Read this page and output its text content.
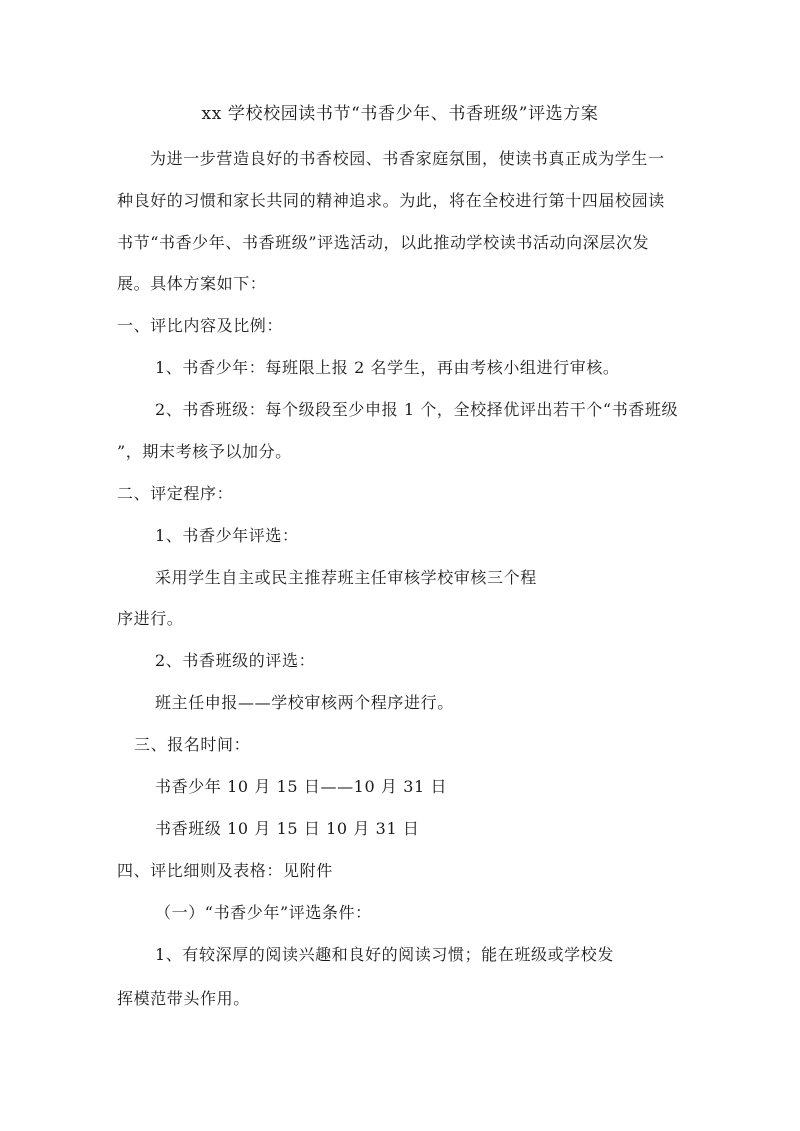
xx 学校校园读书节“书香少年、书香班级”评选方案
为进一步营造良好的书香校园、书香家庭氛围，使读书真正成为学生一
种良好的习惯和家长共同的精神追求。为此，将在全校进行第十四届校园读
书节“书香少年、书香班级”评选活动，以此推动学校读书活动向深层次发
展。具体方案如下：
一、评比内容及比例：
1、书香少年：每班限上报 2 名学生，再由考核小组进行审核。
2、书香班级：每个级段至少申报 1 个，全校择优评出若干个“书香班级
”，期末考核予以加分。
二、评定程序：
1、书香少年评选：
采用学生自主或民主推荐班主任审核学校审核三个程
序进行。
2、书香班级的评选：
班主任申报——学校审核两个程序进行。
三、报名时间：
书香少年 10 月 15 日——10 月 31 日
书香班级 10 月 15 日 10 月 31 日
四、评比细则及表格：见附件
（一）“书香少年”评选条件：
1、有较深厚的阅读兴趣和良好的阅读习惯；能在班级或学校发
挥模范带头作用。
